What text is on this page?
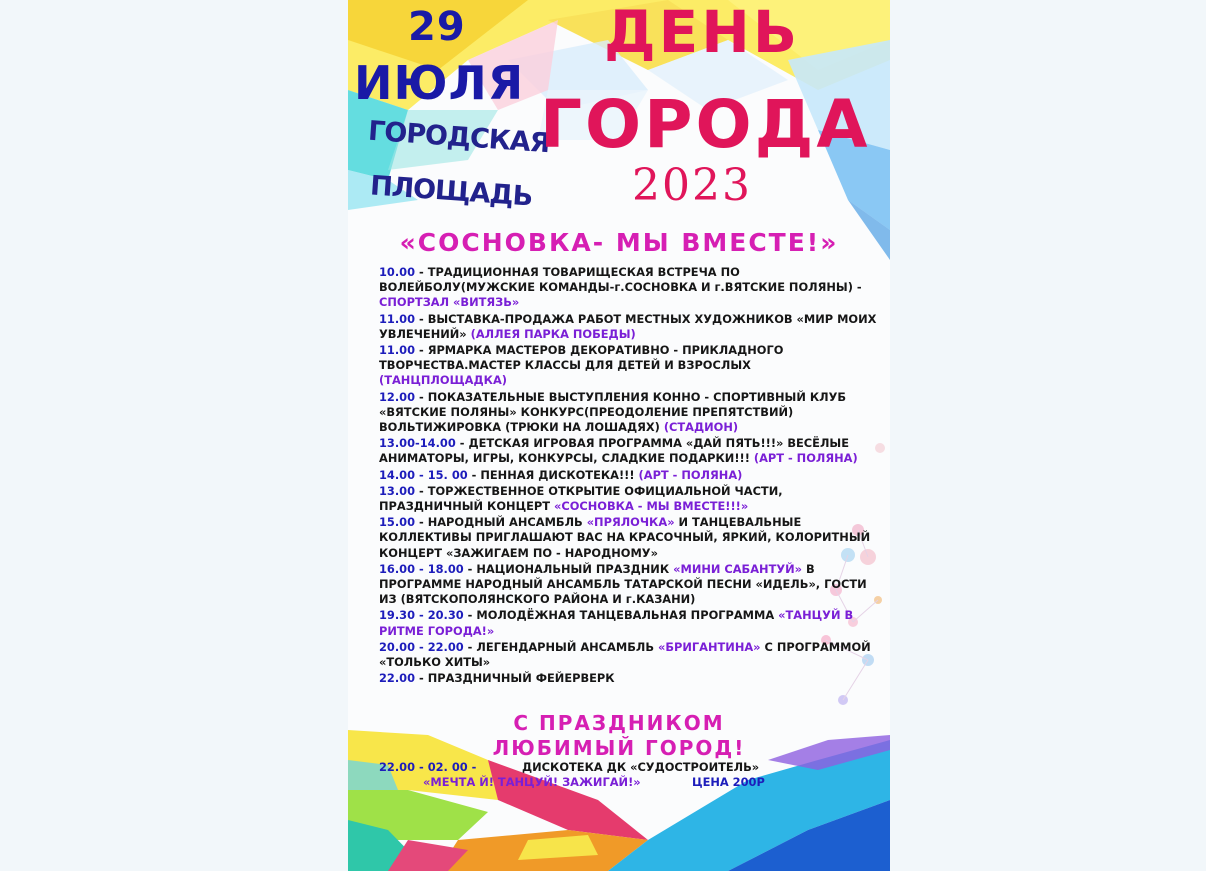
29
ИЮЛЯ
ГОРОДСКАЯ
ПЛОЩАДЬ
ДЕНЬ
ГОРОДА
2023
«СОСНОВКА- МЫ ВМЕСТЕ!»
10.00 - ТРАДИЦИОННАЯ ТОВАРИЩЕСКАЯ ВСТРЕЧА ПО ВОЛЕЙБОЛУ(МУЖСКИЕ КОМАНДЫ-г.СОСНОВКА И г.ВЯТСКИЕ ПОЛЯНЫ) - СПОРТЗАЛ «ВИТЯЗЬ»
11.00 - ВЫСТАВКА-ПРОДАЖА РАБОТ МЕСТНЫХ ХУДОЖНИКОВ «МИР МОИХ УВЛЕЧЕНИЙ» (АЛЛЕЯ ПАРКА ПОБЕДЫ)
11.00 - ЯРМАРКА МАСТЕРОВ ДЕКОРАТИВНО - ПРИКЛАДНОГО ТВОРЧЕСТВА.МАСТЕР КЛАССЫ ДЛЯ ДЕТЕЙ И ВЗРОСЛЫХ (ТАНЦПЛОЩАДКА)
12.00 - ПОКАЗАТЕЛЬНЫЕ ВЫСТУПЛЕНИЯ КОННО - СПОРТИВНЫЙ КЛУБ «ВЯТСКИЕ ПОЛЯНЫ» КОНКУРС(ПРЕОДОЛЕНИЕ ПРЕПЯТСТВИЙ) ВОЛЬТИЖИРОВКА (ТРЮКИ НА ЛОШАДЯХ) (СТАДИОН)
13.00-14.00 - ДЕТСКАЯ ИГРОВАЯ ПРОГРАММА «ДАЙ ПЯТЬ!!!» ВЕСЁЛЫЕ АНИМАТОРЫ, ИГРЫ, КОНКУРСЫ, СЛАДКИЕ ПОДАРКИ!!! (АРТ - ПОЛЯНА)
14.00 - 15. 00 - ПЕННАЯ ДИСКОТЕКА!!! (АРТ - ПОЛЯНА)
13.00 - ТОРЖЕСТВЕННОЕ ОТКРЫТИЕ ОФИЦИАЛЬНОЙ ЧАСТИ, ПРАЗДНИЧНЫЙ КОНЦЕРТ «СОСНОВКА - МЫ ВМЕСТЕ!!!»
15.00 - НАРОДНЫЙ АНСАМБЛЬ «ПРЯЛОЧКА» И ТАНЦЕВАЛЬНЫЕ КОЛЛЕКТИВЫ ПРИГЛАШАЮТ ВАС НА КРАСОЧНЫЙ, ЯРКИЙ, КОЛОРИТНЫЙ КОНЦЕРТ «ЗАЖИГАЕМ ПО - НАРОДНОМУ»
16.00 - 18.00 - НАЦИОНАЛЬНЫЙ ПРАЗДНИК «МИНИ САБАНТУЙ» В ПРОГРАММЕ НАРОДНЫЙ АНСАМБЛЬ ТАТАРСКОЙ ПЕСНИ «ИДЕЛЬ», ГОСТИ ИЗ (ВЯТСКОПОЛЯНСКОГО РАЙОНА И г.КАЗАНИ)
19.30 - 20.30 - МОЛОДЁЖНАЯ ТАНЦЕВАЛЬНАЯ ПРОГРАММА «ТАНЦУЙ В РИТМЕ ГОРОДА!»
20.00 - 22.00 - ЛЕГЕНДАРНЫЙ АНСАМБЛЬ «БРИГАНТИНА» С ПРОГРАММОЙ «ТОЛЬКО ХИТЫ»
22.00 - ПРАЗДНИЧНЫЙ ФЕЙЕРВЕРК
С ПРАЗДНИКОМ
ЛЮБИМЫЙ ГОРОД!
22.00 - 02. 00 -	ДИСКОТЕКА ДК «СУДОСТРОИТЕЛЬ»
«МЕЧТА Й! ТАНЦУЙ! ЗАЖИГАЙ!»	ЦЕНА 200Р
